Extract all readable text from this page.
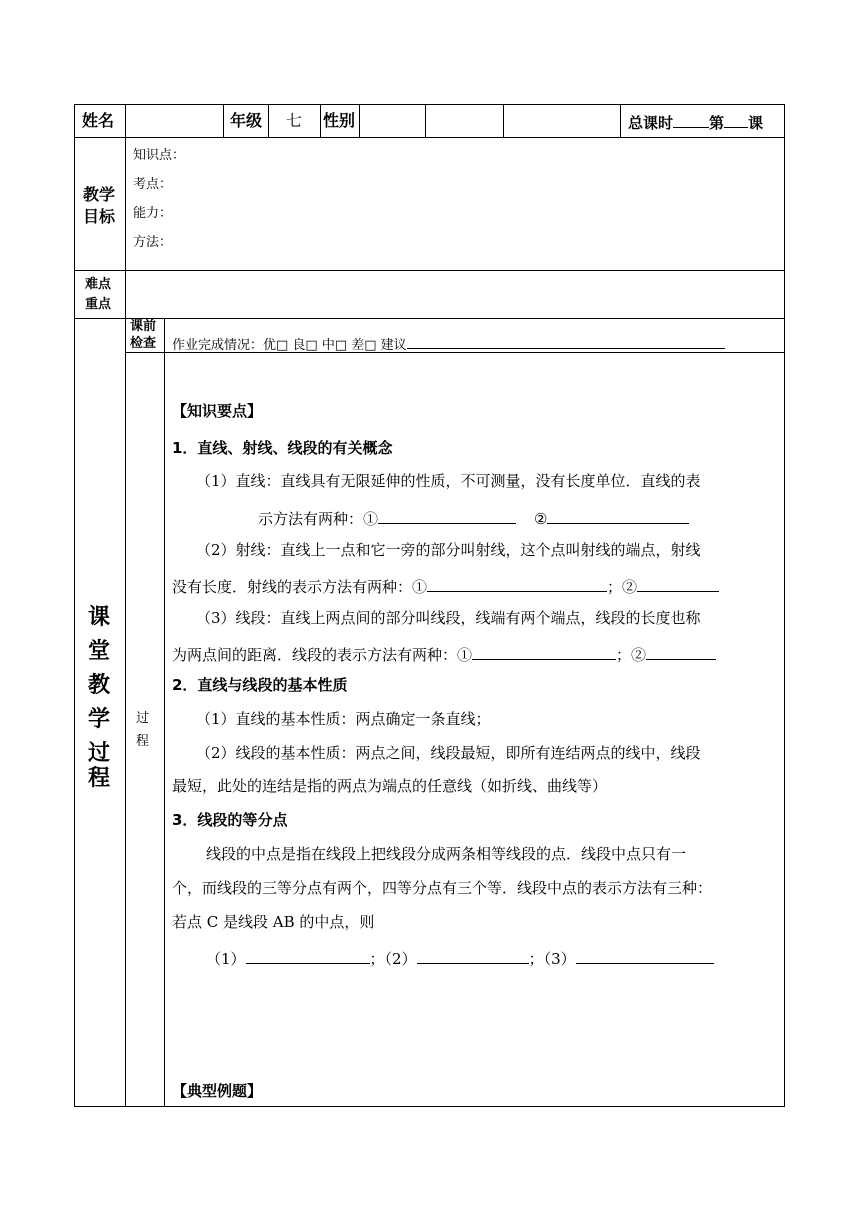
姓名	年级 七 性别	总课时 第 课
教学
目标
知识点：
考点：
能力：
方法：
难点
重点
课
堂
教
学
过
程
课前
检查 作业完成情况：优□ 良□ 中□ 差□ 建议
过
程
【知识要点】
1．直线、射线、线段的有关概念
（1）直线：直线具有无限延伸的性质，不可测量，没有长度单位．直线的表
示方法有两种：①	②
（2）射线：直线上一点和它一旁的部分叫射线，这个点叫射线的端点，射线
没有长度．射线的表示方法有两种：①	；②
（3）线段：直线上两点间的部分叫线段，线端有两个端点，线段的长度也称
为两点间的距离．线段的表示方法有两种：①	；②
2．直线与线段的基本性质
（1）直线的基本性质：两点确定一条直线；
（2）线段的基本性质：两点之间，线段最短，即所有连结两点的线中，线段
最短，此处的连结是指的两点为端点的任意线（如折线、曲线等）
3．线段的等分点
线段的中点是指在线段上把线段分成两条相等线段的点．线段中点只有一
个，而线段的三等分点有两个，四等分点有三个等．线段中点的表示方法有三种：
若点 C 是线段 AB 的中点，则
（1）	；（2）	；（3）
【典型例题】
